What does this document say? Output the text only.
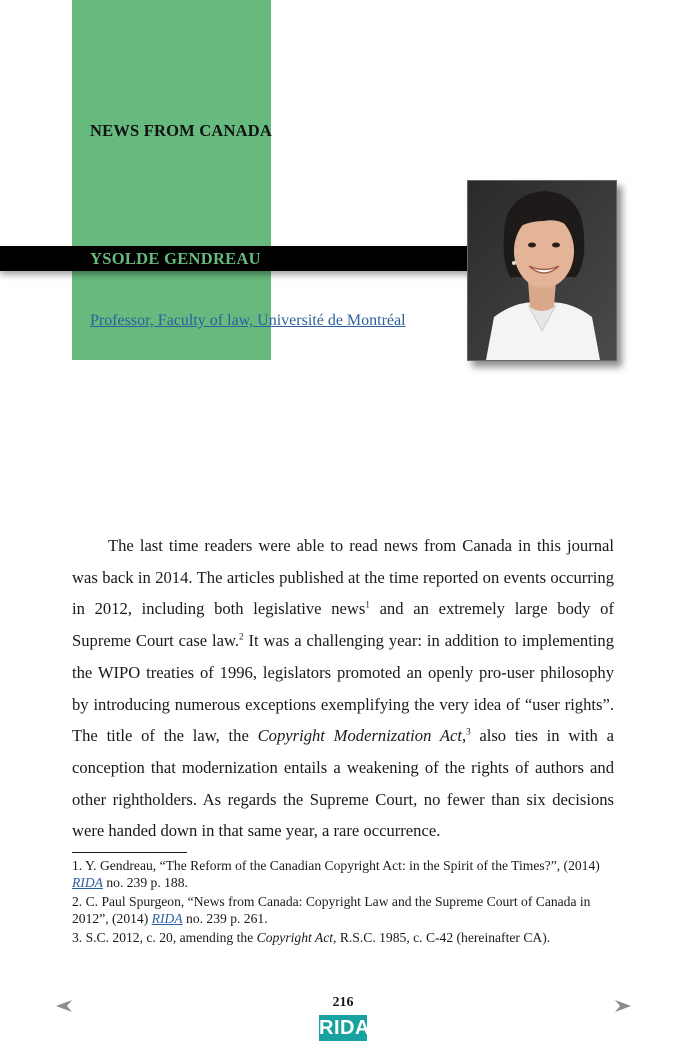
NEWS FROM CANADA
YSOLDE GENDREAU
Professor, Faculty of law, Université de Montréal

The last time readers were able to read news from Canada in this journal was back in 2014. The articles published at the time reported on events occurring in 2012, including both legislative news$^1$ and an extremely large body of Supreme Court case law.$^2$ It was a challenging year: in addition to implementing the WIPO treaties of 1996, legislators promoted an openly pro-user philosophy by introducing numerous exceptions exemplifying the very idea of “user rights”. The title of the law, the Copyright Modernization Act,$^3$ also ties in with a conception that modernization entails a weakening of the rights of authors and other rightholders. As regards the Supreme Court, no fewer than six decisions were handed down in that same year, a rare occurrence.

1. Y. Gendreau, “The Reform of the Canadian Copyright Act: in the Spirit of the Times?”, (2014) RIDA no. 239 p. 188.

2. C. Paul Spurgeon, “News from Canada: Copyright Law and the Supreme Court of Canada in 2012”, (2014) RIDA no. 239 p. 261.

3. S.C. 2012, c. 20, amending the Copyright Act, R.S.C. 1985, c. C-42 (hereinafter CA).

216
RIDA
